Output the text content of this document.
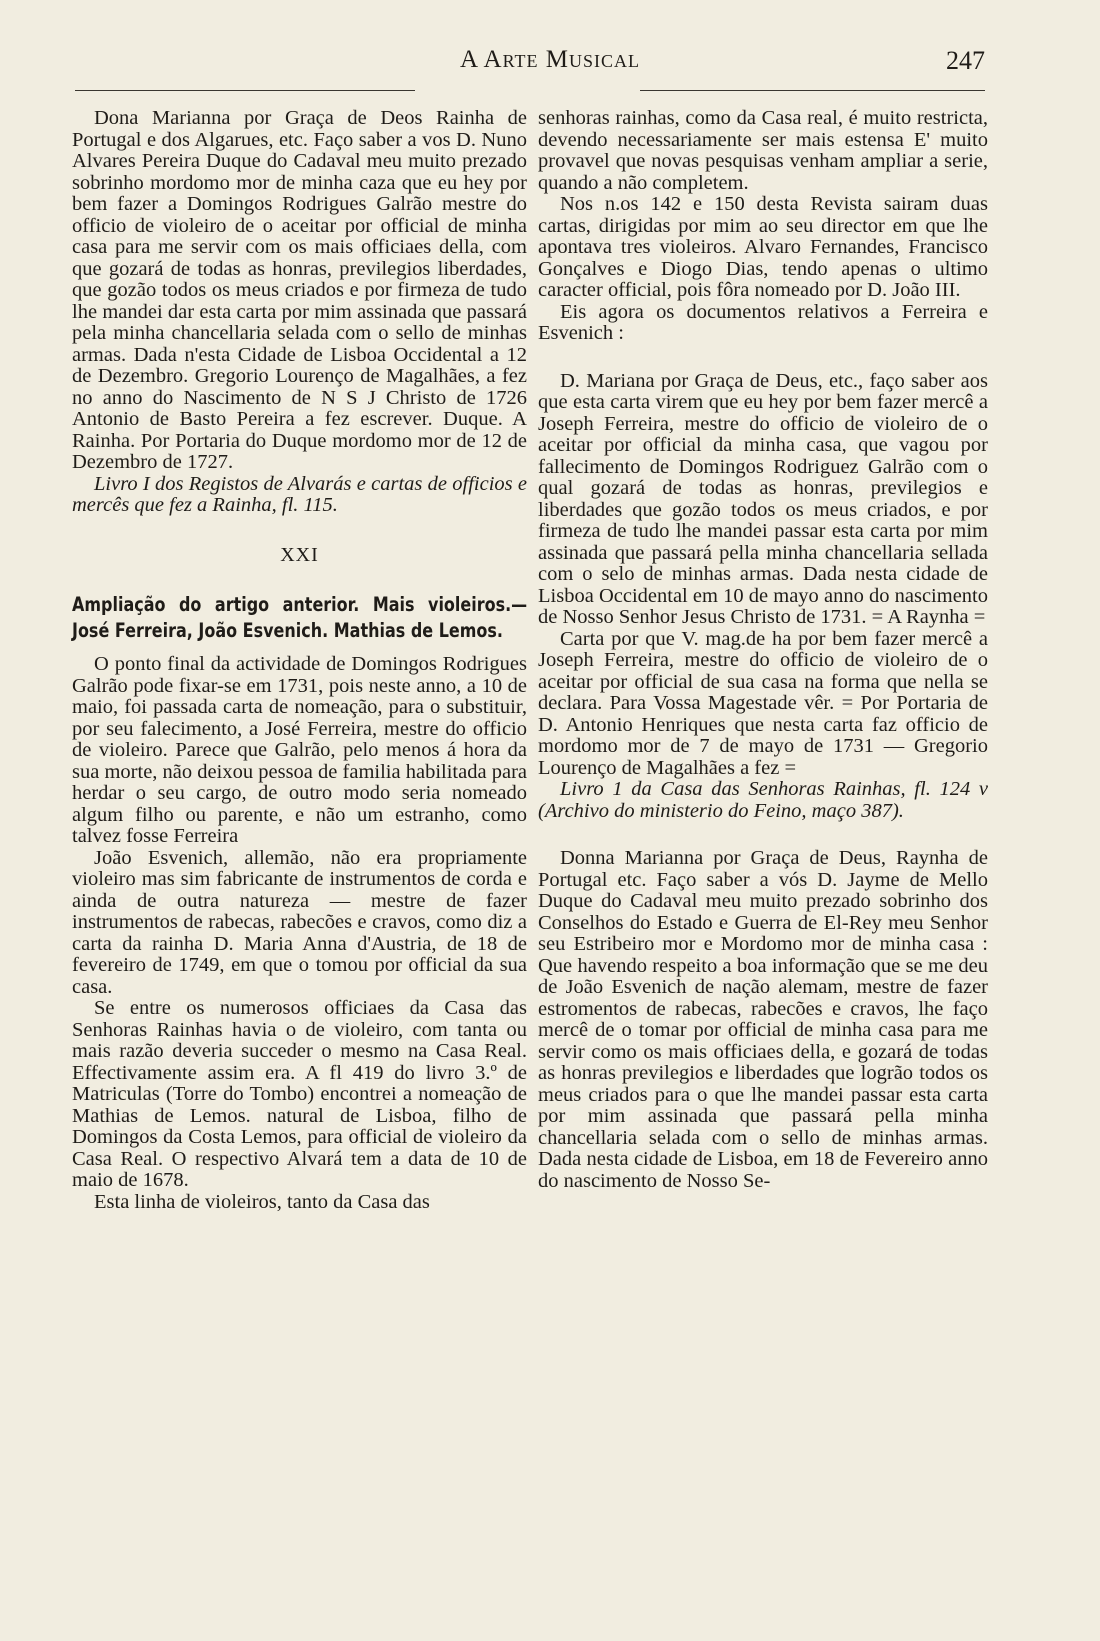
A Arte Musical	247

Dona Marianna por Graça de Deos Rainha de Portugal e dos Algarues, etc. Faço saber a vos D. Nuno Alvares Pereira Duque do Cadaval meu muito prezado sobrinho mordomo mor de minha caza que eu hey por bem fazer a Domingos Rodrigues Galrão mestre do officio de violeiro de o aceitar por official de minha casa para me servir com os mais officiaes della, com que gozará de todas as honras, previlegios liberdades, que gozão todos os meus criados e por firmeza de tudo lhe mandei dar esta carta por mim assinada que passará pela minha chancellaria selada com o sello de minhas armas. Dada n'esta Cidade de Lisboa Occidental a 12 de Dezembro. Gregorio Lourenço de Magalhães, a fez no anno do Nascimento de N S J Christo de 1726 Antonio de Basto Pereira a fez escrever. Duque. A Rainha. Por Portaria do Duque mordomo mor de 12 de Dezembro de 1727.

Livro I dos Registos de Alvarás e cartas de officios e mercês que fez a Rainha, fl. 115.

XXI
Ampliação do artigo anterior. Mais violeiros.— José Ferreira, João Esvenich. Mathias de Lemos.

O ponto final da actividade de Domingos Rodrigues Galrão pode fixar-se em 1731, pois neste anno, a 10 de maio, foi passada carta de nomeação, para o substituir, por seu falecimento, a José Ferreira, mestre do officio de violeiro. Parece que Galrão, pelo menos á hora da sua morte, não deixou pessoa de familia habilitada para herdar o seu cargo, de outro modo seria nomeado algum filho ou parente, e não um estranho, como talvez fosse Ferreira

João Esvenich, allemão, não era propriamente violeiro mas sim fabricante de instrumentos de corda e ainda de outra natureza — mestre de fazer instrumentos de rabecas, rabecões e cravos, como diz a carta da rainha D. Maria Anna d'Austria, de 18 de fevereiro de 1749, em que o tomou por official da sua casa.

Se entre os numerosos officiaes da Casa das Senhoras Rainhas havia o de violeiro, com tanta ou mais razão deveria succeder o mesmo na Casa Real. Effectivamente assim era. A fl 419 do livro 3.º de Matriculas (Torre do Tombo) encontrei a nomeação de Mathias de Lemos. natural de Lisboa, filho de Domingos da Costa Lemos, para official de violeiro da Casa Real. O respectivo Alvará tem a data de 10 de maio de 1678.

Esta linha de violeiros, tanto da Casa das

senhoras rainhas, como da Casa real, é muito restricta, devendo necessariamente ser mais estensa E' muito provavel que novas pesquisas venham ampliar a serie, quando a não completem.

Nos n.os 142 e 150 desta Revista sairam duas cartas, dirigidas por mim ao seu director em que lhe apontava tres violeiros. Alvaro Fernandes, Francisco Gonçalves e Diogo Dias, tendo apenas o ultimo caracter official, pois fôra nomeado por D. João III.

Eis agora os documentos relativos a Ferreira e Esvenich :

D. Mariana por Graça de Deus, etc., faço saber aos que esta carta virem que eu hey por bem fazer mercê a Joseph Ferreira, mestre do officio de violeiro de o aceitar por official da minha casa, que vagou por fallecimento de Domingos Rodriguez Galrão com o qual gozará de todas as honras, previlegios e liberdades que gozão todos os meus criados, e por firmeza de tudo lhe mandei passar esta carta por mim assinada que passará pella minha chancellaria sellada com o selo de minhas armas. Dada nesta cidade de Lisboa Occidental em 10 de mayo anno do nascimento de Nosso Senhor Jesus Christo de 1731. = A Raynha =

Carta por que V. mag.de ha por bem fazer mercê a Joseph Ferreira, mestre do officio de violeiro de o aceitar por official de sua casa na forma que nella se declara. Para Vossa Magestade vêr. = Por Portaria de D. Antonio Henriques que nesta carta faz officio de mordomo mor de 7 de mayo de 1731 — Gregorio Lourenço de Magalhães a fez =

Livro 1 da Casa das Senhoras Rainhas, fl. 124 v (Archivo do ministerio do Feino, maço 387).

Donna Marianna por Graça de Deus, Raynha de Portugal etc. Faço saber a vós D. Jayme de Mello Duque do Cadaval meu muito prezado sobrinho dos Conselhos do Estado e Guerra de El-Rey meu Senhor seu Estribeiro mor e Mordomo mor de minha casa : Que havendo respeito a boa informação que se me deu de João Esvenich de nação alemam, mestre de fazer estromentos de rabecas, rabecões e cravos, lhe faço mercê de o tomar por official de minha casa para me servir como os mais officiaes della, e gozará de todas as honras previlegios e liberdades que logrão todos os meus criados para o que lhe mandei passar esta carta por mim assinada que passará pella minha chancellaria selada com o sello de minhas armas. Dada nesta cidade de Lisboa, em 18 de Fevereiro anno do nascimento de Nosso Se-
